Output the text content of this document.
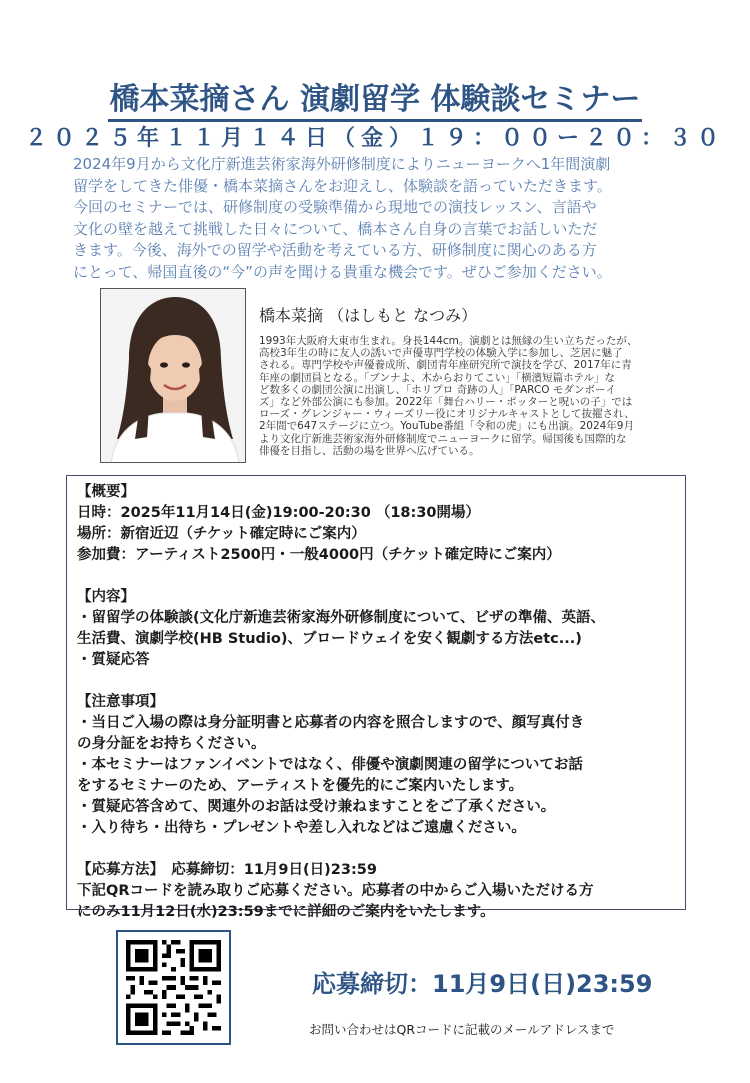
橋本菜摘さん 演劇留学 体験談セミナー
２０２５年１１月１４日（金）１９：００ー２０：３０

2024年9月から文化庁新進芸術家海外研修制度によりニューヨークへ1年間演劇

留学をしてきた俳優・橋本菜摘さんをお迎えし、体験談を語っていただきます。

今回のセミナーでは、研修制度の受験準備から現地での演技レッスン、言語や

文化の壁を越えて挑戦した日々について、橋本さん自身の言葉でお話しいただ

きます。今後、海外での留学や活動を考えている方、研修制度に関心のある方

にとって、帰国直後の“今”の声を聞ける貴重な機会です。ぜひご参加ください。

橋本菜摘 （はしもと なつみ）
1993年大阪府大東市生まれ。身長144cm。演劇とは無縁の生い立ちだったが、
高校3年生の時に友人の誘いで声優専門学校の体験入学に参加し、芝居に魅了
される。専門学校や声優養成所、劇団青年座研究所で演技を学び、2017年に青
年座の劇団員となる。「ブンナよ、木からおりてこい」「横濱短篇ホテル」な
ど数多くの劇団公演に出演し、「ホリプロ 奇跡の人」「PARCO モダンボーイ
ズ」など外部公演にも参加。2022年「舞台ハリー・ポッターと呪いの子」では
ローズ・グレンジャー・ウィーズリー役にオリジナルキャストとして抜擢され、
2年間で647ステージに立つ。YouTube番組「令和の虎」にも出演。2024年9月
より文化庁新進芸術家海外研修制度でニューヨークに留学。帰国後も国際的な
俳優を目指し、活動の場を世界へ広げている。
【概要】
日時：2025年11月14日(金)19:00-20:30 （18:30開場）
場所：新宿近辺（チケット確定時にご案内）
参加費：アーティスト2500円・一般4000円（チケット確定時にご案内）
【内容】
・留留学の体験談(文化庁新進芸術家海外研修制度について、ビザの準備、英語、
生活費、演劇学校(HB Studio)、ブロードウェイを安く観劇する方法etc...)
・質疑応答
【注意事項】
・当日ご入場の際は身分証明書と応募者の内容を照合しますので、顔写真付き
の身分証をお持ちください。
・本セミナーはファンイベントではなく、俳優や演劇関連の留学についてお話
をするセミナーのため、アーティストを優先的にご案内いたします。
・質疑応答含めて、関連外のお話は受け兼ねますことをご了承ください。
・入り待ち・出待ち・プレゼントや差し入れなどはご遠慮ください。
【応募方法】　応募締切：11月9日(日)23:59
下記QRコードを読み取りご応募ください。応募者の中からご入場いただける方
にのみ11月12日(水)23:59までに詳細のご案内をいたします。
応募締切：11月9日(日)23:59
お問い合わせはQRコードに記載のメールアドレスまで
